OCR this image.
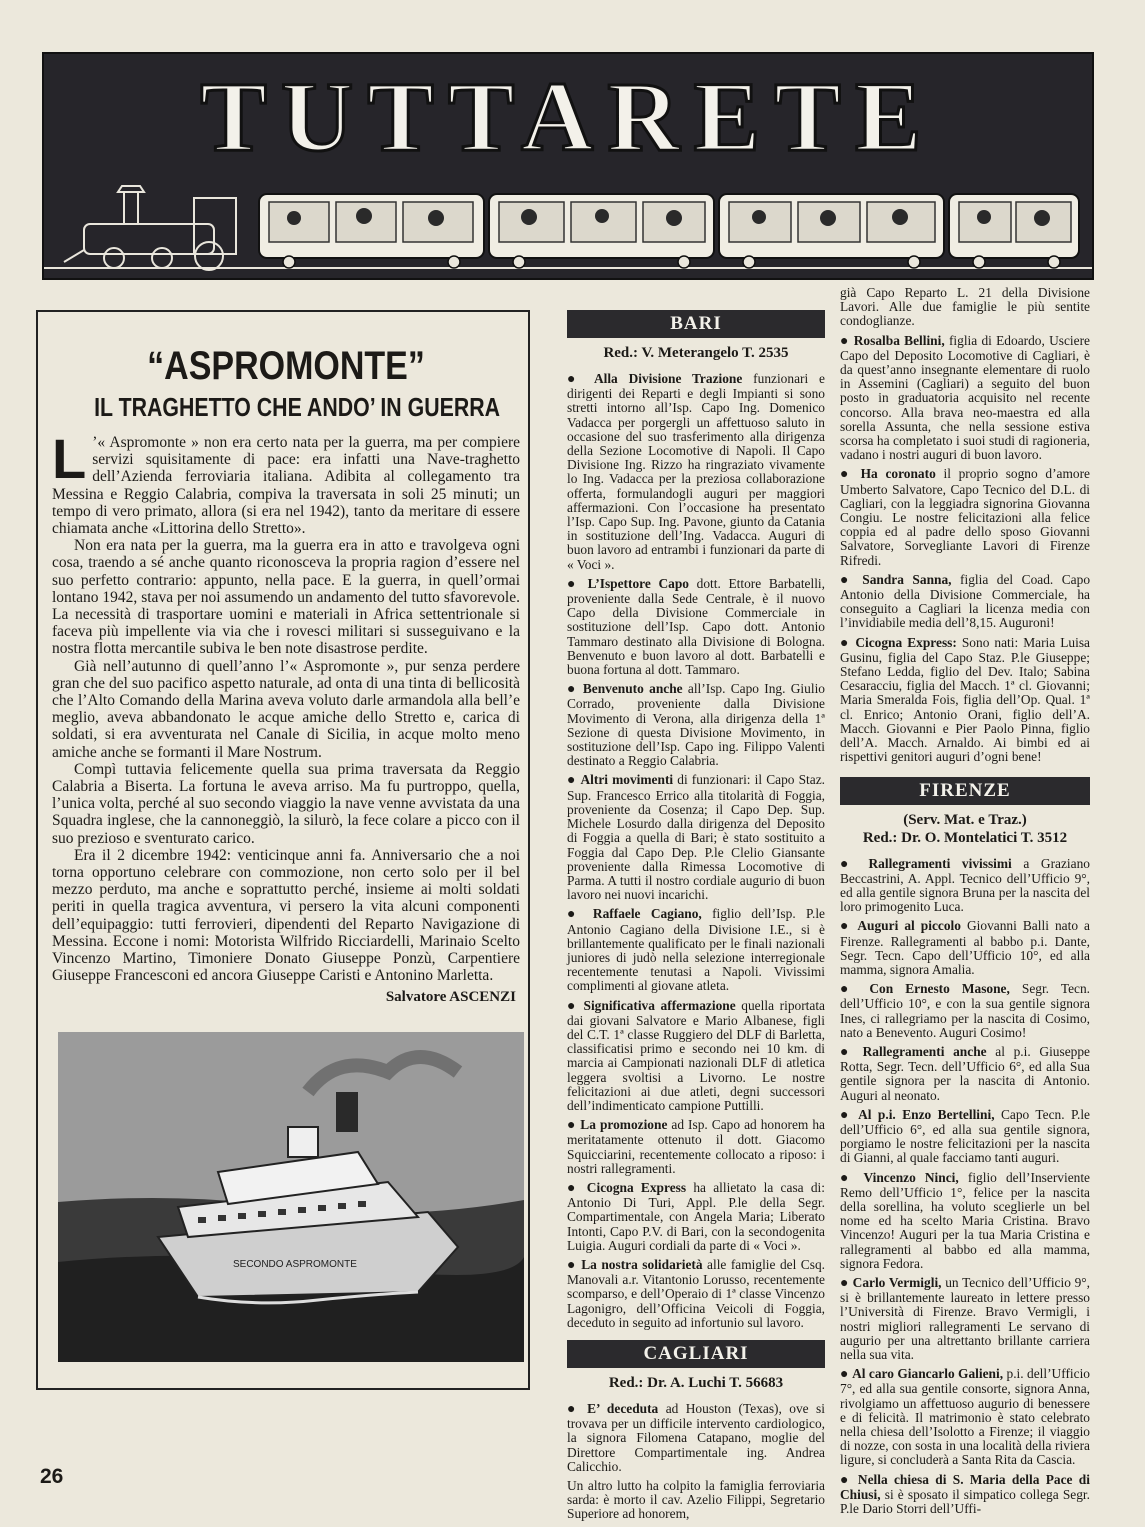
TUTTARETE
“ASPROMONTE”
IL TRAGHETTO CHE ANDO’ IN GUERRA

L ’« Aspromonte » non era certo nata per la guerra, ma per compiere servizi squisitamente di pace: era infatti una Nave-traghetto dell’Azienda ferroviaria italiana. Adibita al collegamento tra Messina e Reggio Calabria, compiva la traversata in soli 25 minuti; un tempo di vero primato, allora (si era nel 1942), tanto da meritare di essere chiamata anche «Littorina dello Stretto».

Non era nata per la guerra, ma la guerra era in atto e travolgeva ogni cosa, traendo a sé anche quanto riconosceva la propria ragion d’essere nel suo perfetto contrario: appunto, nella pace. E la guerra, in quell’ormai lontano 1942, stava per noi assumendo un andamento del tutto sfavorevole. La necessità di trasportare uomini e materiali in Africa settentrionale si faceva più impellente via via che i rovesci militari si susseguivano e la nostra flotta mercantile subiva le ben note disastrose perdite.

Già nell’autunno di quell’anno l’« Aspromonte », pur senza perdere gran che del suo pacifico aspetto naturale, ad onta di una tinta di bellicosità che l’Alto Comando della Marina aveva voluto darle armandola alla bell’e meglio, aveva abbandonato le acque amiche dello Stretto e, carica di soldati, si era avventurata nel Canale di Sicilia, in acque molto meno amiche anche se formanti il Mare Nostrum.

Compì tuttavia felicemente quella sua prima traversata da Reggio Calabria a Biserta. La fortuna le aveva arriso. Ma fu purtroppo, quella, l’unica volta, perché al suo secondo viaggio la nave venne avvistata da una Squadra inglese, che la cannoneggiò, la silurò, la fece colare a picco con il suo prezioso e sventurato carico.

Era il 2 dicembre 1942: venticinque anni fa. Anniversario che a noi torna opportuno celebrare con commozione, non certo solo per il bel mezzo perduto, ma anche e soprattutto perché, insieme ai molti soldati periti in quella tragica avventura, vi persero la vita alcuni componenti dell’equipaggio: tutti ferrovieri, dipendenti del Reparto Navigazione di Messina. Eccone i nomi: Motorista Wilfrido Ricciardelli, Marinaio Scelto Vincenzo Martino, Timoniere Donato Giuseppe Ponzù, Carpentiere Giuseppe Francesconi ed ancora Giuseppe Caristi e Antonino Marletta.

Salvatore ASCENZI
SECONDO ASPROMONTE
BARI
Red.: V. Meterangelo T. 2535

● Alla Divisione Trazione funzionari e dirigenti dei Reparti e degli Impianti si sono stretti intorno all’Isp. Capo Ing. Domenico Vadacca per porgergli un affettuoso saluto in occasione del suo trasferimento alla dirigenza della Sezione Locomotive di Napoli. Il Capo Divisione Ing. Rizzo ha ringraziato vivamente lo Ing. Vadacca per la preziosa collaborazione offerta, formulandogli auguri per maggiori affermazioni. Con l’occasione ha presentato l’Isp. Capo Sup. Ing. Pavone, giunto da Catania in sostituzione dell’Ing. Vadacca. Auguri di buon lavoro ad entrambi i funzionari da parte di « Voci ».

● L’Ispettore Capo dott. Ettore Barbatelli, proveniente dalla Sede Centrale, è il nuovo Capo della Divisione Commerciale in sostituzione dell’Isp. Capo dott. Antonio Tammaro destinato alla Divisione di Bologna. Benvenuto e buon lavoro al dott. Barbatelli e buona fortuna al dott. Tammaro.

● Benvenuto anche all’Isp. Capo Ing. Giulio Corrado, proveniente dalla Divisione Movimento di Verona, alla dirigenza della 1ª Sezione di questa Divisione Movimento, in sostituzione dell’Isp. Capo ing. Filippo Valenti destinato a Reggio Calabria.

● Altri movimenti di funzionari: il Capo Staz. Sup. Francesco Errico alla titolarità di Foggia, proveniente da Cosenza; il Capo Dep. Sup. Michele Losurdo dalla dirigenza del Deposito di Foggia a quella di Bari; è stato sostituito a Foggia dal Capo Dep. P.le Clelio Giansante proveniente dalla Rimessa Locomotive di Parma. A tutti il nostro cordiale augurio di buon lavoro nei nuovi incarichi.

● Raffaele Cagiano, figlio dell’Isp. P.le Antonio Cagiano della Divisione I.E., si è brillantemente qualificato per le finali nazionali juniores di judò nella selezione interregionale recentemente tenutasi a Napoli. Vivissimi complimenti al giovane atleta.

● Significativa affermazione quella riportata dai giovani Salvatore e Mario Albanese, figli del C.T. 1ª classe Ruggiero del DLF di Barletta, classificatisi primo e secondo nei 10 km. di marcia ai Campionati nazionali DLF di atletica leggera svoltisi a Livorno. Le nostre felicitazioni ai due atleti, degni successori dell’indimenticato campione Puttilli.

● La promozione ad Isp. Capo ad honorem ha meritatamente ottenuto il dott. Giacomo Squicciarini, recentemente collocato a riposo: i nostri rallegramenti.

● Cicogna Express ha allietato la casa di: Antonio Di Turi, Appl. P.le della Segr. Compartimentale, con Angela Maria; Liberato Intonti, Capo P.V. di Bari, con la secondogenita Luigia. Auguri cordiali da parte di « Voci ».

● La nostra solidarietà alle famiglie del Csq. Manovali a.r. Vitantonio Lorusso, recentemente scomparso, e dell’Operaio di 1ª classe Vincenzo Lagonigro, dell’Officina Veicoli di Foggia, deceduto in seguito ad infortunio sul lavoro.

CAGLIARI
Red.: Dr. A. Luchi T. 56683

● E’ deceduta ad Houston (Texas), ove si trovava per un difficile intervento cardiologico, la signora Filomena Catapano, moglie del Direttore Compartimentale ing. Andrea Calicchio.

Un altro lutto ha colpito la famiglia ferroviaria sarda: è morto il cav. Azelio Filippi, Segretario Superiore ad honorem,

già Capo Reparto L. 21 della Divisione Lavori. Alle due famiglie le più sentite condoglianze.

● Rosalba Bellini, figlia di Edoardo, Usciere Capo del Deposito Locomotive di Cagliari, è da quest’anno insegnante elementare di ruolo in Assemini (Cagliari) a seguito del buon posto in graduatoria acquisito nel recente concorso. Alla brava neo-maestra ed alla sorella Assunta, che nella sessione estiva scorsa ha completato i suoi studi di ragioneria, vadano i nostri auguri di buon lavoro.

● Ha coronato il proprio sogno d’amore Umberto Salvatore, Capo Tecnico del D.L. di Cagliari, con la leggiadra signorina Giovanna Congiu. Le nostre felicitazioni alla felice coppia ed al padre dello sposo Giovanni Salvatore, Sorvegliante Lavori di Firenze Rifredi.

● Sandra Sanna, figlia del Coad. Capo Antonio della Divisione Commerciale, ha conseguito a Cagliari la licenza media con l’invidiabile media dell’8,15. Auguroni!

● Cicogna Express: Sono nati: Maria Luisa Gusinu, figlia del Capo Staz. P.le Giuseppe; Stefano Ledda, figlio del Dev. Italo; Sabina Cesaracciu, figlia del Macch. 1ª cl. Giovanni; Maria Smeralda Fois, figlia dell’Op. Qual. 1ª cl. Enrico; Antonio Orani, figlio dell’A. Macch. Giovanni e Pier Paolo Pinna, figlio dell’A. Macch. Arnaldo. Ai bimbi ed ai rispettivi genitori auguri d’ogni bene!

FIRENZE
(Serv. Mat. e Traz.)
Red.: Dr. O. Montelatici T. 3512

● Rallegramenti vivissimi a Graziano Beccastrini, A. Appl. Tecnico dell’Ufficio 9°, ed alla gentile signora Bruna per la nascita del loro primogenito Luca.

● Auguri al piccolo Giovanni Balli nato a Firenze. Rallegramenti al babbo p.i. Dante, Segr. Tecn. Capo dell’Ufficio 10°, ed alla mamma, signora Amalia.

● Con Ernesto Masone, Segr. Tecn. dell’Ufficio 10°, e con la sua gentile signora Ines, ci rallegriamo per la nascita di Cosimo, nato a Benevento. Auguri Cosimo!

● Rallegramenti anche al p.i. Giuseppe Rotta, Segr. Tecn. dell’Ufficio 6°, ed alla Sua gentile signora per la nascita di Antonio. Auguri al neonato.

● Al p.i. Enzo Bertellini, Capo Tecn. P.le dell’Ufficio 6°, ed alla sua gentile signora, porgiamo le nostre felicitazioni per la nascita di Gianni, al quale facciamo tanti auguri.

● Vincenzo Ninci, figlio dell’Inserviente Remo dell’Ufficio 1°, felice per la nascita della sorellina, ha voluto sceglierle un bel nome ed ha scelto Maria Cristina. Bravo Vincenzo! Auguri per la tua Maria Cristina e rallegramenti al babbo ed alla mamma, signora Fedora.

● Carlo Vermigli, un Tecnico dell’Ufficio 9°, si è brillantemente laureato in lettere presso l’Università di Firenze. Bravo Vermigli, i nostri migliori rallegramenti Le servano di augurio per una altrettanto brillante carriera nella sua vita.

● Al caro Giancarlo Galieni, p.i. dell’Ufficio 7°, ed alla sua gentile consorte, signora Anna, rivolgiamo un affettuoso augurio di benessere e di felicità. Il matrimonio è stato celebrato nella chiesa dell’Isolotto a Firenze; il viaggio di nozze, con sosta in una località della riviera ligure, si concluderà a Santa Rita da Cascia.

● Nella chiesa di S. Maria della Pace di Chiusi, si è sposato il simpatico collega Segr. P.le Dario Storri dell’Uffi-

26
